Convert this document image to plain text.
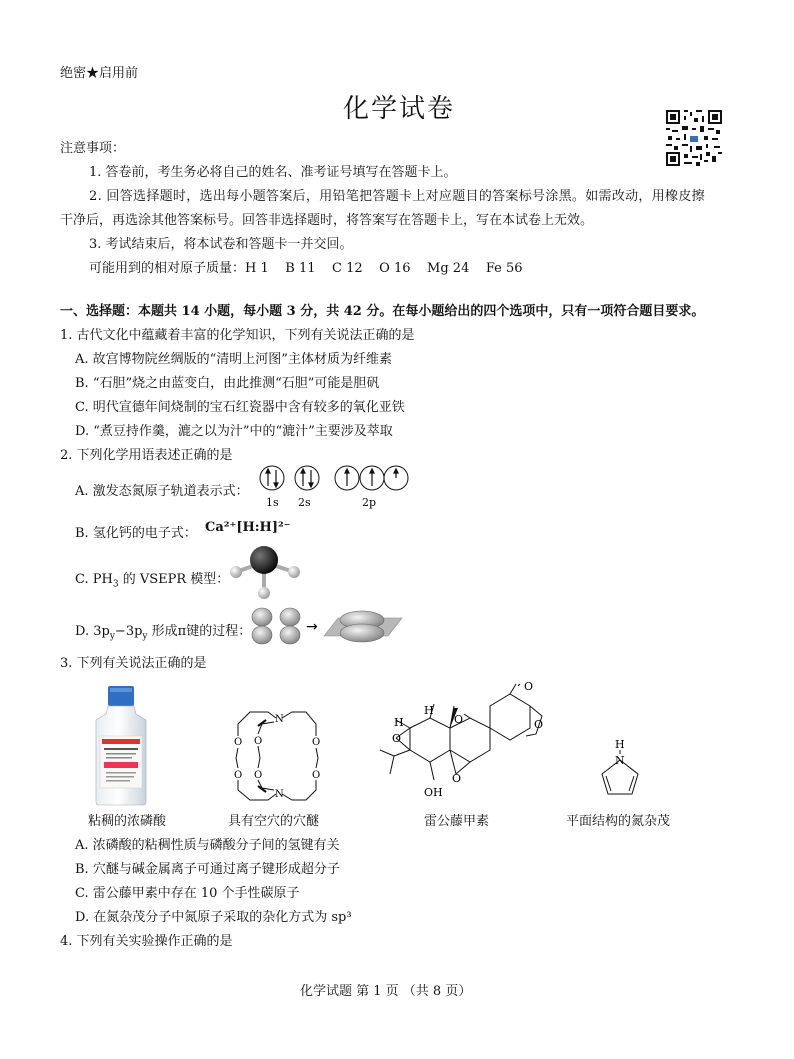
绝密★启用前
化学试卷
注意事项：
1. 答卷前，考生务必将自己的姓名、准考证号填写在答题卡上。
2. 回答选择题时，选出每小题答案后，用铅笔把答题卡上对应题目的答案标号涂黑。如需改动，用橡皮擦
干净后，再选涂其他答案标号。回答非选择题时，将答案写在答题卡上，写在本试卷上无效。
3. 考试结束后，将本试卷和答题卡一并交回。
可能用到的相对原子质量：H 1    B 11    C 12    O 16    Mg 24    Fe 56
一、选择题：本题共 14 小题，每小题 3 分，共 42 分。在每小题给出的四个选项中，只有一项符合题目要求。
1. 古代文化中蕴藏着丰富的化学知识，下列有关说法正确的是
A. 故宫博物院丝绸版的“清明上河图”主体材质为纤维素
B. “石胆”烧之由蓝变白，由此推测“石胆”可能是胆矾
C. 明代宣德年间烧制的宝石红瓷器中含有较多的氧化亚铁
D. “煮豆持作羹，漉之以为汁”中的“漉汁”主要涉及萃取
2. 下列化学用语表述正确的是
A. 激发态氮原子轨道表示式：
1s 2s	2p
B. 氢化钙的电子式： Ca²⁺[H:H]²⁻
C. $PH_3$ 的 VSEPR 模型：
D. $3p_y-3p_y$ 形成π键的过程：	→
3. 下列有关说法正确的是
N
N
O
O
O
O
O
O
O
O
O
O
O
H
H
OH
H
N
粘稠的浓磷酸	具有空穴的穴醚	雷公藤甲素	平面结构的氮杂茂
A. 浓磷酸的粘稠性质与磷酸分子间的氢键有关
B. 穴醚与碱金属离子可通过离子键形成超分子
C. 雷公藤甲素中存在 10 个手性碳原子
D. 在氮杂茂分子中氮原子采取的杂化方式为 sp³
4. 下列有关实验操作正确的是
化学试题 第 1 页 （共 8 页）
